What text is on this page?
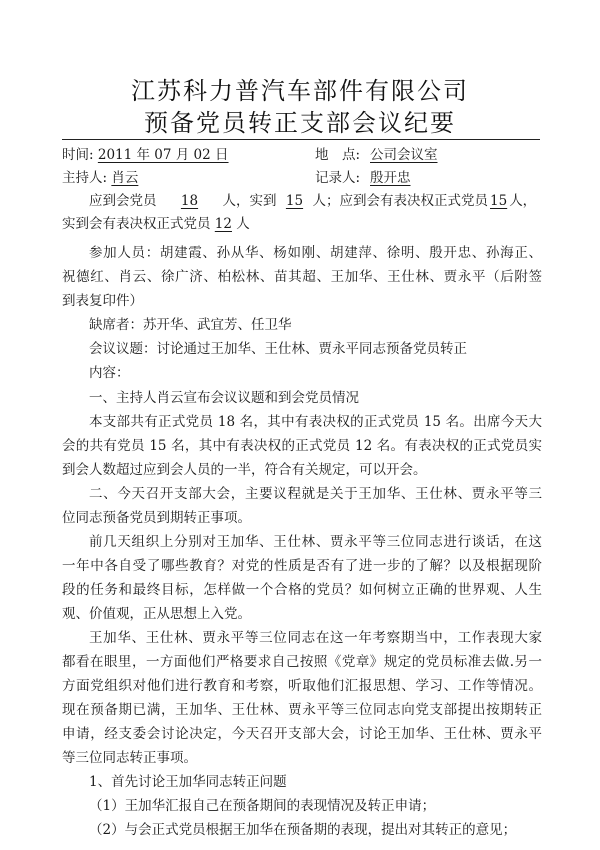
江苏科力普汽车部件有限公司
预备党员转正支部会议纪要
时间: 2011 年 07 月 02 日	地　点: 公司会议室
主持人: 肖云	记录人: 殷开忠
应到会党员 18 人，实到 15 人；应到会有表决权正式党员 15 人，
实到会有表决权正式党员 12 人
参加人员：胡建霞、孙从华、杨如刚、胡建萍、徐明、殷开忠、孙海正、
祝德红、肖云、徐广济、柏松林、苗其超、王加华、王仕林、贾永平（后附签
到表复印件）
缺席者：苏开华、武宜芳、任卫华
会议议题：讨论通过王加华、王仕林、贾永平同志预备党员转正
内容：
一、主持人肖云宣布会议议题和到会党员情况
本支部共有正式党员 18 名，其中有表决权的正式党员 15 名。出席今天大
会的共有党员 15 名，其中有表决权的正式党员 12 名。有表决权的正式党员实
到会人数超过应到会人员的一半，符合有关规定，可以开会。
二、今天召开支部大会，主要议程就是关于王加华、王仕林、贾永平等三
位同志预备党员到期转正事项。
前几天组织上分别对王加华、王仕林、贾永平等三位同志进行谈话，在这
一年中各自受了哪些教育？对党的性质是否有了进一步的了解？以及根据现阶
段的任务和最终目标，怎样做一个合格的党员？如何树立正确的世界观、人生
观、价值观，正从思想上入党。
王加华、王仕林、贾永平等三位同志在这一年考察期当中，工作表现大家
都看在眼里，一方面他们严格要求自己按照《党章》规定的党员标准去做.另一
方面党组织对他们进行教育和考察，听取他们汇报思想、学习、工作等情况。
现在预备期已满，王加华、王仕林、贾永平等三位同志向党支部提出按期转正
申请，经支委会讨论决定，今天召开支部大会，讨论王加华、王仕林、贾永平
等三位同志转正事项。
1、首先讨论王加华同志转正问题
（1）王加华汇报自己在预备期间的表现情况及转正申请；
（2）与会正式党员根据王加华在预备期的表现，提出对其转正的意见；
